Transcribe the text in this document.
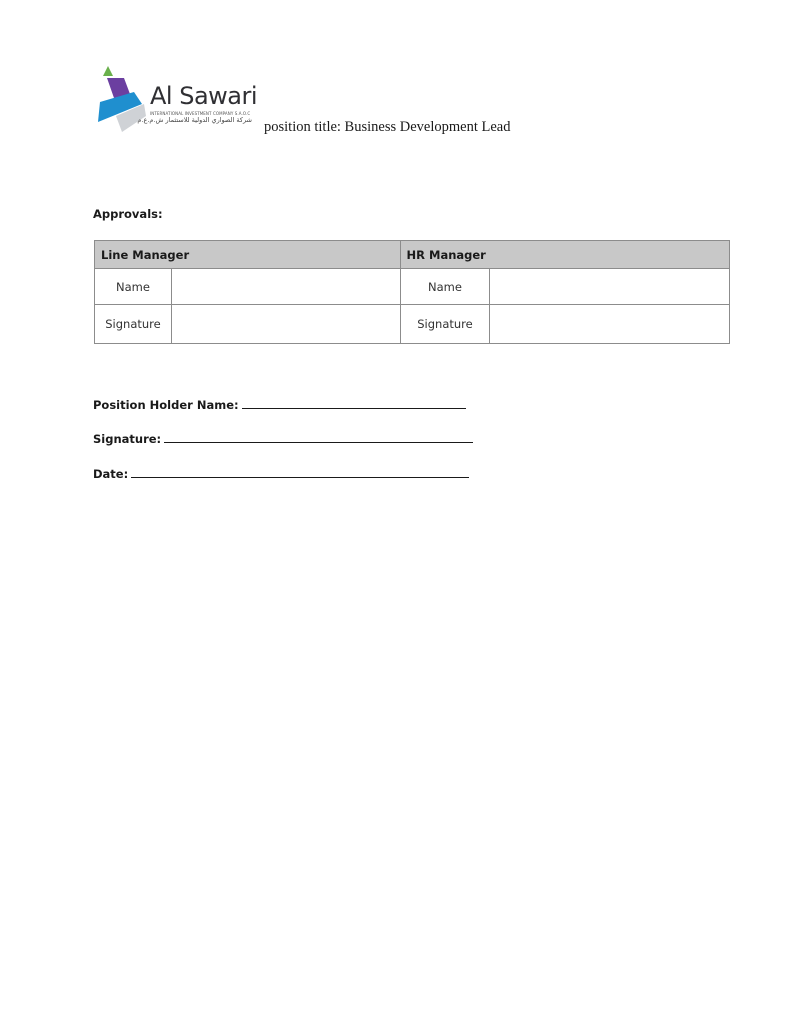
Al Sawari
INTERNATIONAL INVESTMENT COMPANY S.A.O.C
شركة الصواري الدولية للاستثمار ش.م.ع.م position title: Business Development Lead
Approvals:
Line Manager		HR Manager	
Name		Name	
Signature		Signature	
Position Holder Name:
Signature:
Date:
